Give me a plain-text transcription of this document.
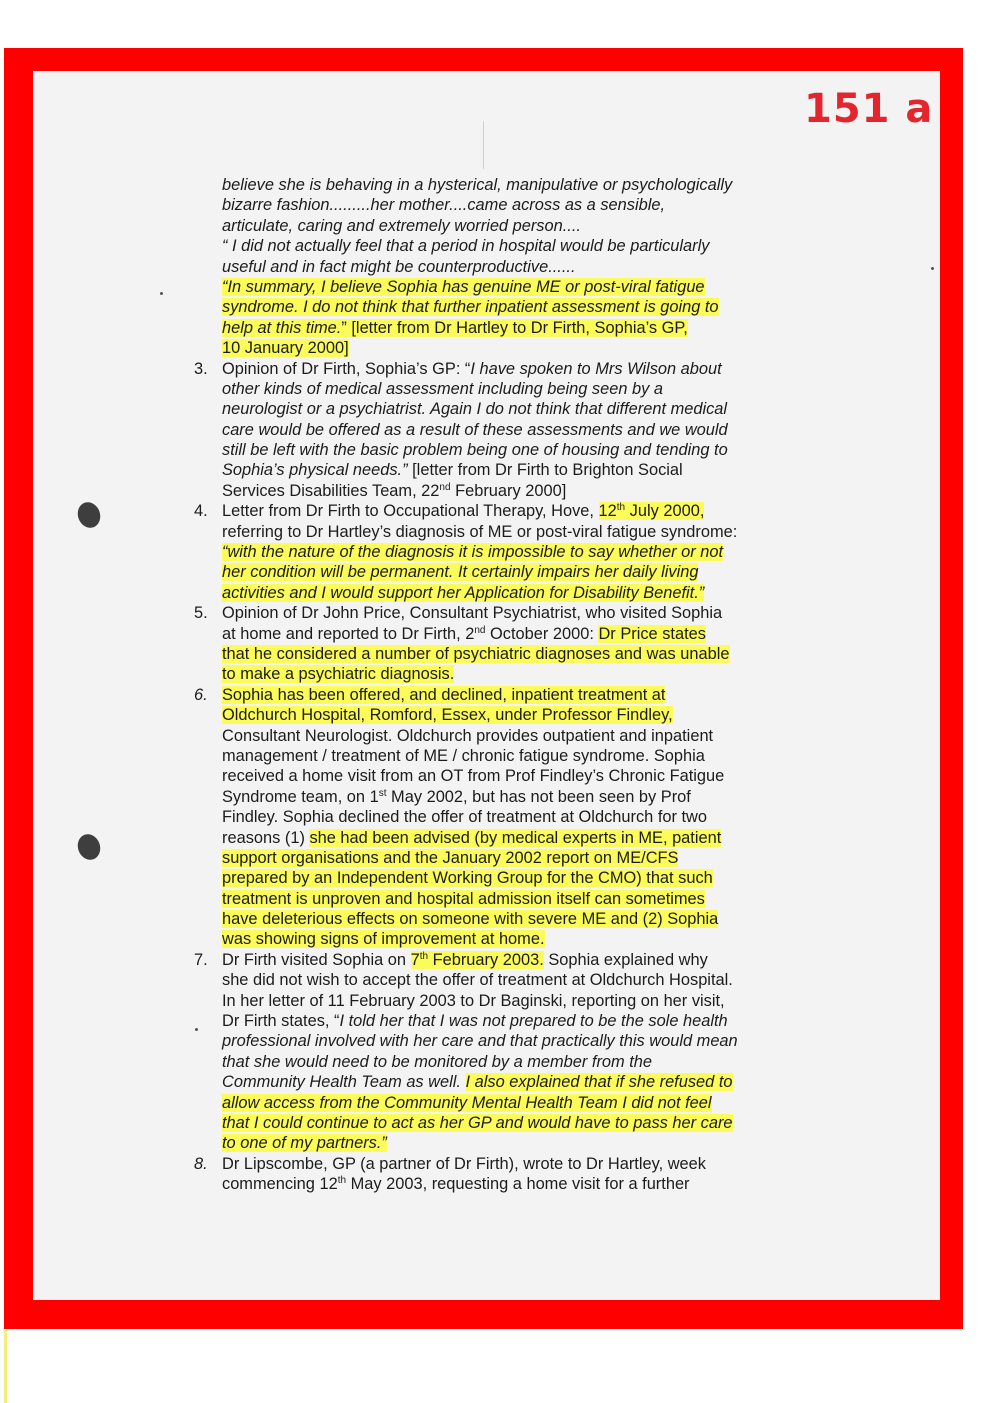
151 a
believe she is behaving in a hysterical, manipulative or psychologically
bizarre fashion.........her mother....came across as a sensible,
articulate, caring and extremely worried person....
“ I did not actually feel that a period in hospital would be particularly
useful and in fact might be counterproductive......
“In summary, I believe Sophia has genuine ME or post-viral fatigue
syndrome. I do not think that further inpatient assessment is going to
help at this time.” [letter from Dr Hartley to Dr Firth, Sophia’s GP,
10 January 2000]
3. Opinion of Dr Firth, Sophia’s GP: “I have spoken to Mrs Wilson about
other kinds of medical assessment including being seen by a
neurologist or a psychiatrist. Again I do not think that different medical
care would be offered as a result of these assessments and we would
still be left with the basic problem being one of housing and tending to
Sophia’s physical needs.” [letter from Dr Firth to Brighton Social
Services Disabilities Team, 22nd February 2000]
4. Letter from Dr Firth to Occupational Therapy, Hove, 12th July 2000,
referring to Dr Hartley’s diagnosis of ME or post-viral fatigue syndrome:
“with the nature of the diagnosis it is impossible to say whether or not
her condition will be permanent. It certainly impairs her daily living
activities and I would support her Application for Disability Benefit.”
5. Opinion of Dr John Price, Consultant Psychiatrist, who visited Sophia
at home and reported to Dr Firth, 2nd October 2000: Dr Price states
that he considered a number of psychiatric diagnoses and was unable
to make a psychiatric diagnosis.
6. Sophia has been offered, and declined, inpatient treatment at
Oldchurch Hospital, Romford, Essex, under Professor Findley,
Consultant Neurologist. Oldchurch provides outpatient and inpatient
management / treatment of ME / chronic fatigue syndrome. Sophia
received a home visit from an OT from Prof Findley’s Chronic Fatigue
Syndrome team, on 1st May 2002, but has not been seen by Prof
Findley. Sophia declined the offer of treatment at Oldchurch for two
reasons (1) she had been advised (by medical experts in ME, patient
support organisations and the January 2002 report on ME/CFS
prepared by an Independent Working Group for the CMO) that such
treatment is unproven and hospital admission itself can sometimes
have deleterious effects on someone with severe ME and (2) Sophia
was showing signs of improvement at home.
7. Dr Firth visited Sophia on 7th February 2003. Sophia explained why
she did not wish to accept the offer of treatment at Oldchurch Hospital.
In her letter of 11 February 2003 to Dr Baginski, reporting on her visit,
Dr Firth states, “I told her that I was not prepared to be the sole health
professional involved with her care and that practically this would mean
that she would need to be monitored by a member from the
Community Health Team as well. I also explained that if she refused to
allow access from the Community Mental Health Team I did not feel
that I could continue to act as her GP and would have to pass her care
to one of my partners.”
8. Dr Lipscombe, GP (a partner of Dr Firth), wrote to Dr Hartley, week
commencing 12th May 2003, requesting a home visit for a further
